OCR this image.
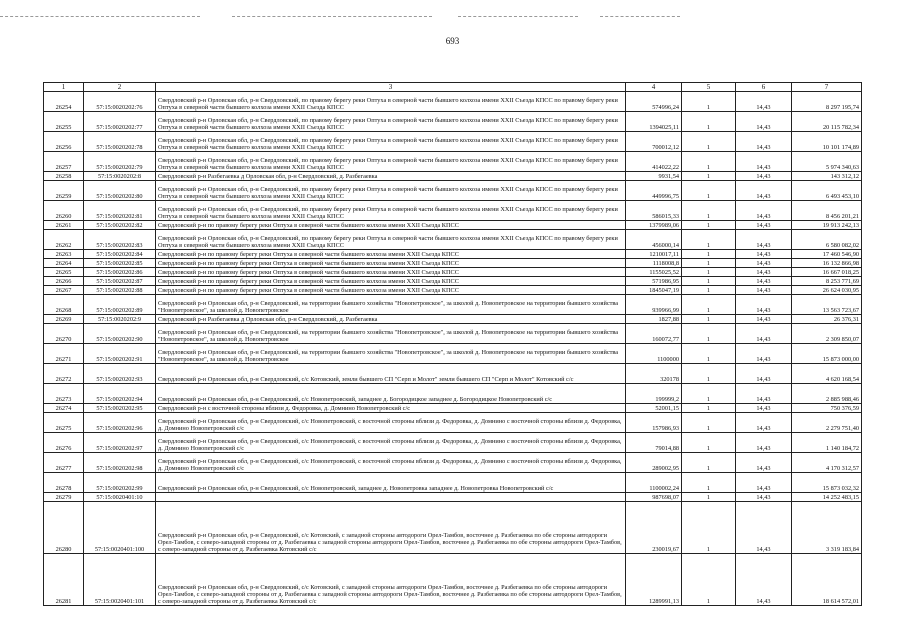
693
1	2	3	4	5	6	7
26254	57:15:0020202:76	Свердловский р-н Орловская обл, р-н Свердловский, по правому берегу реки Оптуха в северной части бывшего колхоза имени XXII Съезда КПСС по правому берегу реки Оптуха в северной части бывшего колхоза имени XXII Съезда КПСС	574996,24	1	14,43	8 297 195,74
26255	57:15:0020202:77	Свердловский р-н Орловская обл, р-н Свердловский, по правому берегу реки Оптуха в северной части бывшего колхоза имени XXII Съезда КПСС по правому берегу реки Оптуха в северной части бывшего колхоза имени XXII Съезда КПСС	1394025,11	1	14,43	20 115 782,34
26256	57:15:0020202:78	Свердловский р-н Орловская обл, р-н Свердловский, по правому берегу реки Оптуха в северной части бывшего колхоза имени XXII Съезда КПСС по правому берегу реки Оптуха в северной части бывшего колхоза имени XXII Съезда КПСС	700012,12	1	14,43	10 101 174,89
26257	57:15:0020202:79	Свердловский р-н Орловская обл, р-н Свердловский, по правому берегу реки Оптуха в северной части бывшего колхоза имени XXII Съезда КПСС по правому берегу реки Оптуха в северной части бывшего колхоза имени XXII Съезда КПСС	414022,22	1	14,43	5 974 340,63
26258	57:15:0020202:8	Свердловский р-н Разбегаевка д Орловская обл, р-н Свердловский, д. Разбегаевка	9931,54	1	14,43	143 312,12
26259	57:15:0020202:80	Свердловский р-н Орловская обл, р-н Свердловский, по правому берегу реки Оптуха в северной части бывшего колхоза имени XXII Съезда КПСС по правому берегу реки Оптуха в северной части бывшего колхоза имени XXII Съезда КПСС	449996,75	1	14,43	6 493 453,10
26260	57:15:0020202:81	Свердловский р-н Орловская обл, р-н Свердловский, по правому берегу реки Оптуха в северной части бывшего колхоза имени XXII Съезда КПСС по правому берегу реки Оптуха в северной части бывшего колхоза имени XXII Съезда КПСС	586015,33	1	14,43	8 456 201,21
26261	57:15:0020202:82	Свердловский р-н по правому берегу реки Оптуха в северной части бывшего колхоза имени XXII Съезда КПСС	1379989,06	1	14,43	19 913 242,13
26262	57:15:0020202:83	Свердловский р-н Орловская обл, р-н Свердловский, по правому берегу реки Оптуха в северной части бывшего колхоза имени XXII Съезда КПСС по правому берегу реки Оптуха в северной части бывшего колхоза имени XXII Съезда КПСС	456000,14	1	14,43	6 580 082,02
26263	57:15:0020202:84	Свердловский р-н по правому берегу реки Оптуха в северной части бывшего колхоза имени XXII Съезда КПСС	1210017,11	1	14,43	17 460 546,90
26264	57:15:0020202:85	Свердловский р-н по правому берегу реки Оптуха в северной части бывшего колхоза имени XXII Съезда КПСС	1118008,8	1	14,43	16 132 866,98
26265	57:15:0020202:86	Свердловский р-н по правому берегу реки Оптуха в северной части бывшего колхоза имени XXII Съезда КПСС	1155025,52	1	14,43	16 667 018,25
26266	57:15:0020202:87	Свердловский р-н по правому берегу реки Оптуха в северной части бывшего колхоза имени XXII Съезда КПСС	571986,95	1	14,43	8 253 771,69
26267	57:15:0020202:88	Свердловский р-н по правому берегу реки Оптуха в северной части бывшего колхоза имени XXII Съезда КПСС	1845047,19	1	14,43	26 624 030,95
26268	57:15:0020202:89	Свердловский р-н Орловская обл, р-н Свердловский, на территории бывшего хозяйства "Новопетровское", за школой д. Новопетровское на территории бывшего хозяйства "Новопетровское", за школой д. Новопетровское	939966,99	1	14,43	13 563 723,67
26269	57:15:0020202:9	Свердловский р-н Разбегаевка д Орловская обл, р-н Свердловский, д. Разбегаевка	1827,88	1	14,43	26 376,31
26270	57:15:0020202:90	Свердловский р-н Орловская обл, р-н Свердловский, на территории бывшего хозяйства "Новопетровское", за школой д. Новопетровское на территории бывшего хозяйства "Новопетровское", за школой д. Новопетровское	160072,77	1	14,43	2 309 850,07
26271	57:15:0020202:91	Свердловский р-н Орловская обл, р-н Свердловский, на территории бывшего хозяйства "Новопетровское", за школой д. Новопетровское на территории бывшего хозяйства "Новопетровское", за школой д. Новопетровское	1100000	1	14,43	15 873 000,00
26272	57:15:0020202:93	Свердловский р-н Орловская обл, р-н Свердловский, с/с Котовский, земли бывшего СП "Серп и Молот" земли бывшего СП "Серп и Молот" Котовский с/с	320178	1	14,43	4 620 168,54
26273	57:15:0020202:94	Свердловский р-н Орловская обл, р-н Свердловский, с/с Новопетровский, западнее д. Богородицкое западнее д. Богородицкое Новопетровский с/с	199999,2	1	14,43	2 885 988,46
26274	57:15:0020202:95	Свердловский р-н с восточной стороны вблизи д. Федоровка, д. Домнино Новопетровский с/с	52001,15	1	14,43	750 376,59
26275	57:15:0020202:96	Свердловский р-н Орловская обл, р-н Свердловский, с/с Новопетровский, с восточной стороны вблизи д. Федоровка, д. Домнино с восточной стороны вблизи д. Федоровка, д. Домнино Новопетровский с/с	157986,93	1	14,43	2 279 751,40
26276	57:15:0020202:97	Свердловский р-н Орловская обл, р-н Свердловский, с/с Новопетровский, с восточной стороны вблизи д. Федоровка, д. Домнино с восточной стороны вблизи д. Федоровка, д. Домнино Новопетровский с/с	79014,88	1	14,43	1 140 184,72
26277	57:15:0020202:98	Свердловский р-н Орловская обл, р-н Свердловский, с/с Новопетровский, с восточной стороны вблизи д. Федоровка, д. Домнино с восточной стороны вблизи д. Федоровка, д. Домнино Новопетровский с/с	289002,95	1	14,43	4 170 312,57
26278	57:15:0020202:99	Свердловский р-н Орловская обл, р-н Свердловский, с/с Новопетровский, западнее д. Новопетровка западнее д. Новопетровка Новопетровский с/с	1100002,24	1	14,43	15 873 032,32
26279	57:15:0020401:10		987698,07	1	14,43	14 252 483,15
26280	57:15:0020401:100	Свердловский р-н Орловская обл, р-н Свердловский, с/с Котовский, с западной стороны автодороги Орел-Тамбов, восточнее д. Разбегаевка по обе стороны автодороги Орел-Тамбов, с северо-западной стороны от д. Разбегаевка с западной стороны автодороги Орел-Тамбов, восточнее д. Разбегаевка по обе стороны автодороги Орел-Тамбов, с северо-западной стороны от д. Разбегаевка Котовский с/с	230019,67	1	14,43	3 319 183,84
26281	57:15:0020401:101	Свердловский р-н Орловская обл, р-н Свердловский, с/с Котовский, с западной стороны автодороги Орел-Тамбов, восточнее д. Разбегаевка по обе стороны автодороги Орел-Тамбов, с северо-западной стороны от д. Разбегаевка с западной стороны автодороги Орел-Тамбов, восточнее д. Разбегаевка по обе стороны автодороги Орел-Тамбов, с северо-западной стороны от д. Разбегаевка Котовский с/с	1289991,13	1	14,43	18 614 572,01
